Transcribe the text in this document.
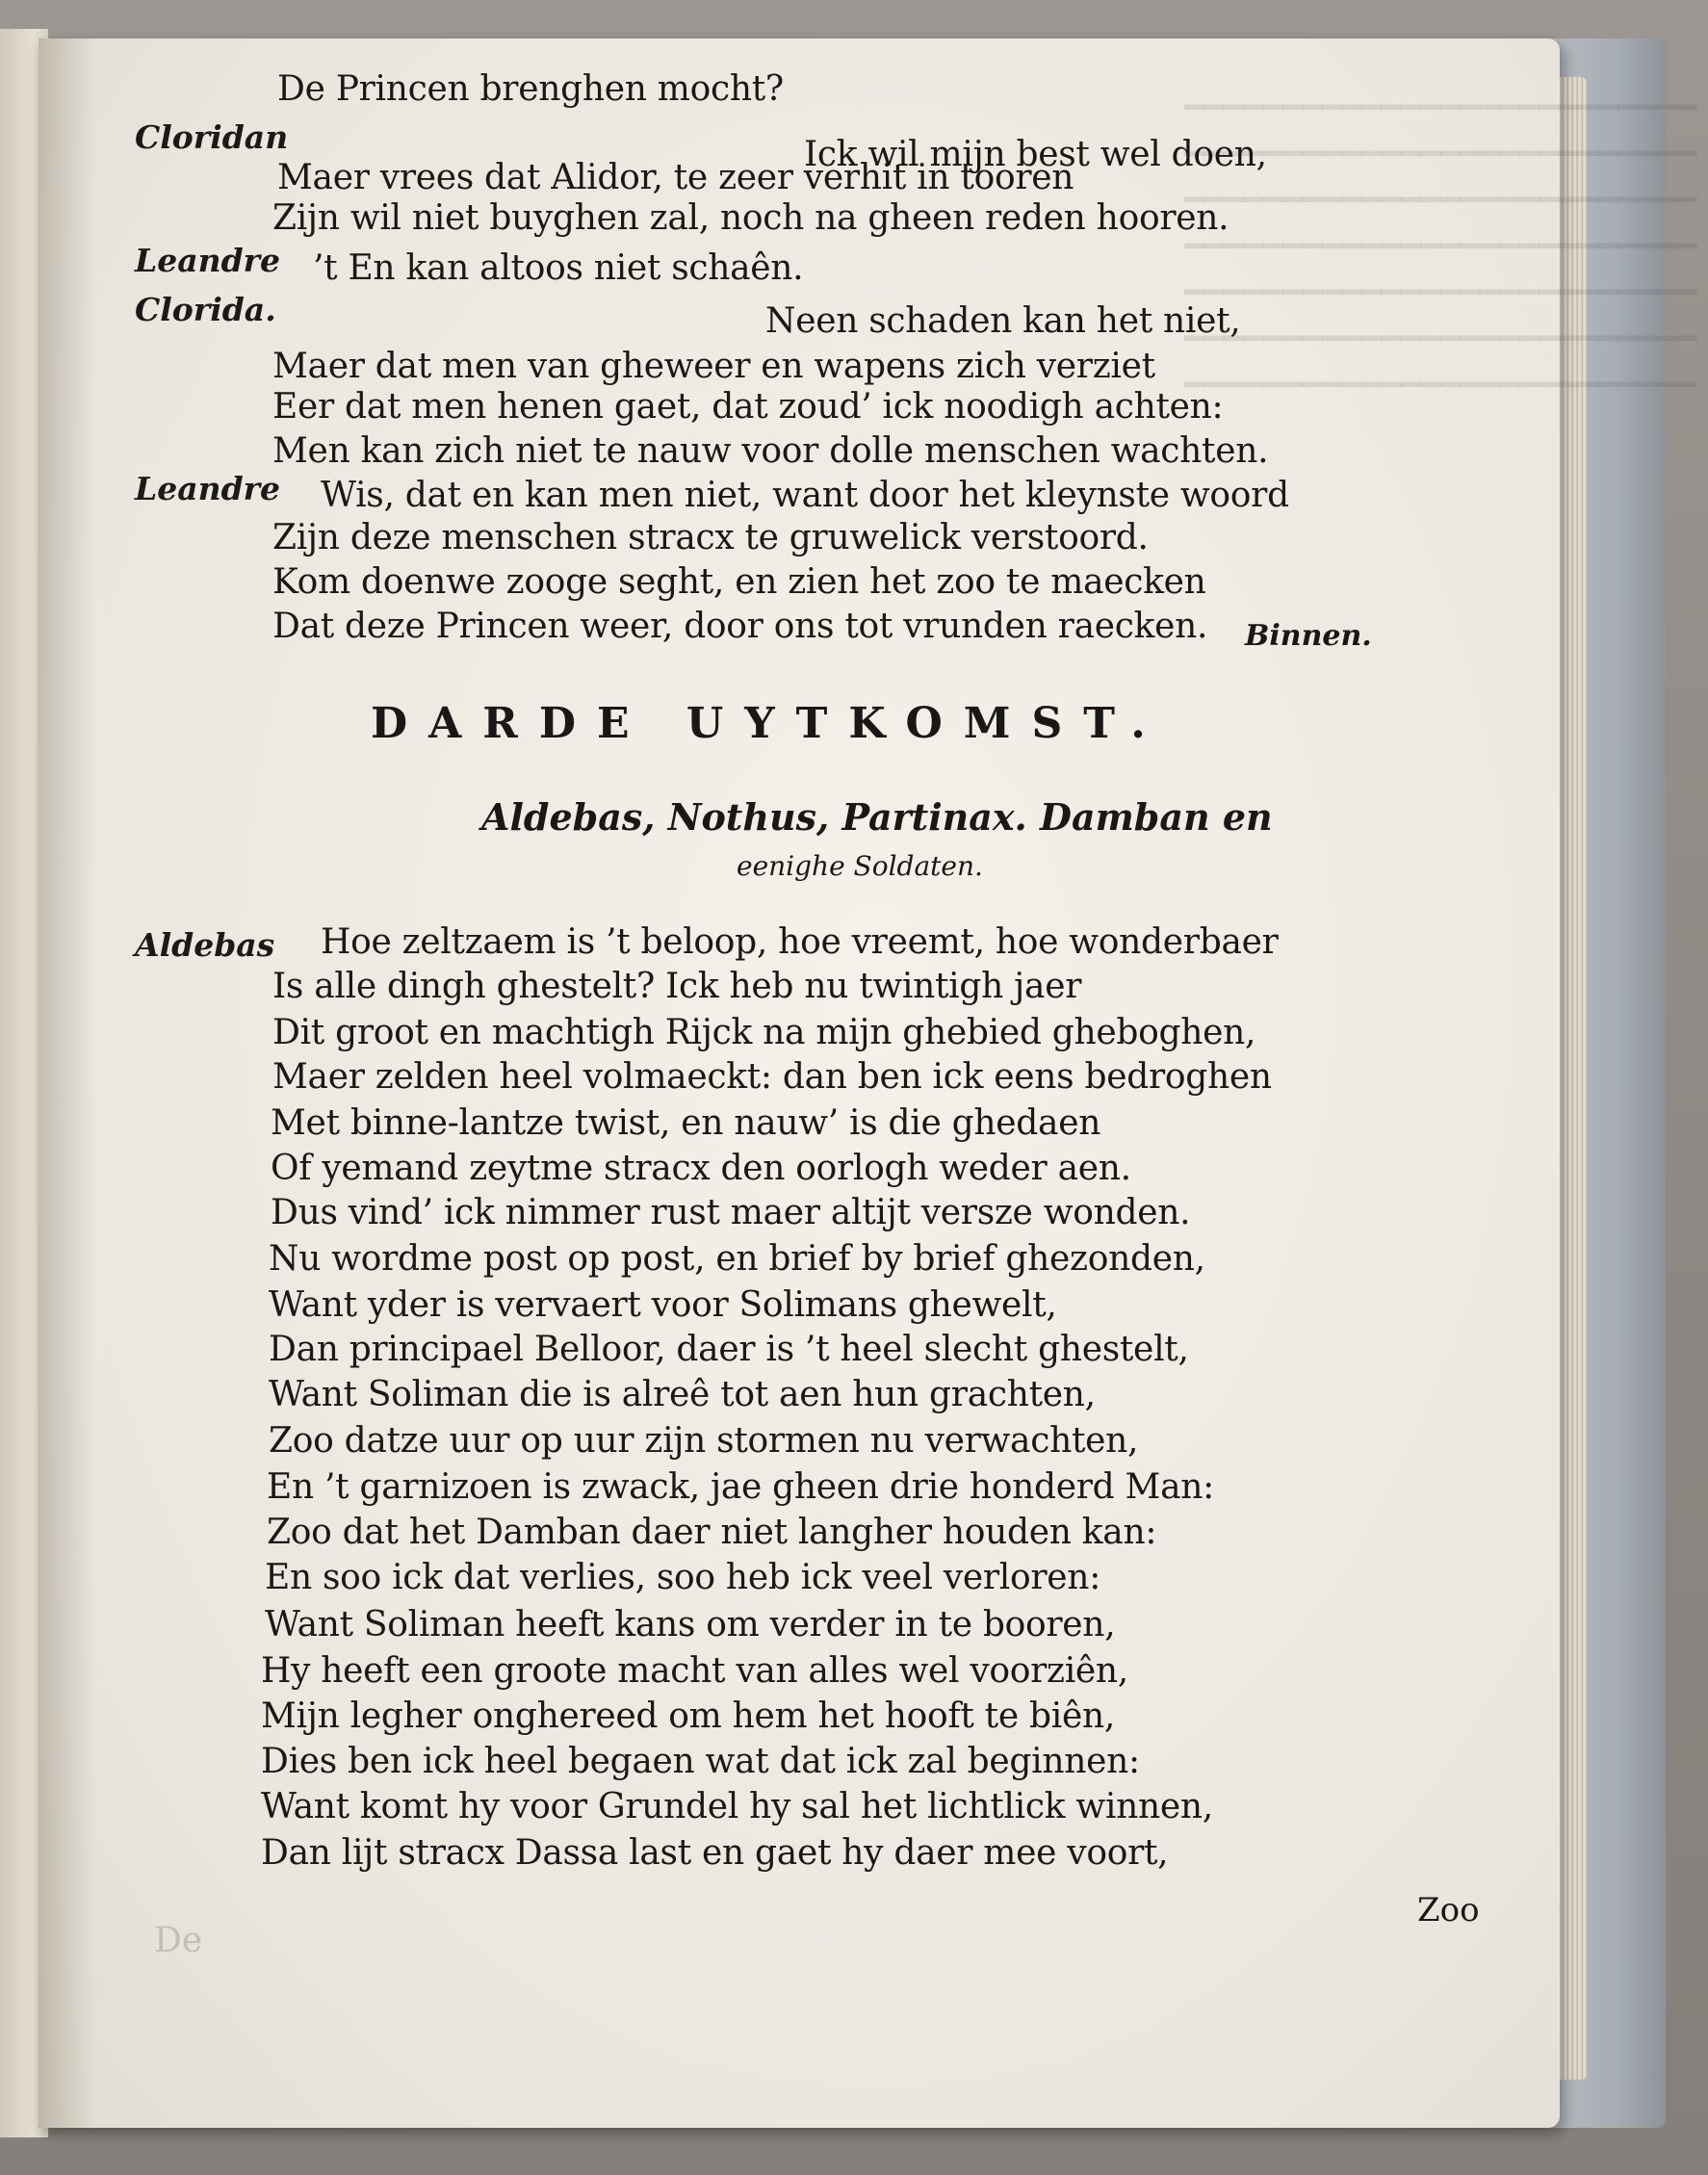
━━━━━━━━━━━━━━━━━━━━━━━━━━
━━━━━━━━━━━━━━━━━━━━━━━━━━
━━━━━━━━━━━━━━━━━━━━━━━━━━
━━━━━━━━━━━━━━━━━━━━━━━━━━
━━━━━━━━━━━━━━━━━━━━━━━━━━
━━━━━━━━━━━━━━━━━━━━━━━━━━
━━━━━━━━━━━━━━━━━━━━━━━━━━
Cloridan
Leandre
Clorida.
Leandre
Aldebas
De Princen brenghen mocht?
Ick wil mijn best wel doen,
Maer vrees dat Alidor, te zeer verhit in tooren
Zijn wil niet buyghen zal, noch na gheen reden hooren.
’t En kan altoos niet schaên.
Neen schaden kan het niet,
Maer dat men van gheweer en wapens zich verziet
Eer dat men henen gaet, dat zoud’ ick noodigh achten:
Men kan zich niet te nauw voor dolle menschen wachten.
Wis, dat en kan men niet, want door het kleynste woord
Zijn deze menschen stracx te gruwelick verstoord.
Kom doenwe zooge seght, en zien het zoo te maecken
Dat deze Princen weer, door ons tot vrunden raecken. Binnen.
DARDE UYTKOMST.
Aldebas, Nothus, Partinax. Damban en
eenighe Soldaten.
Hoe zeltzaem is ’t beloop, hoe vreemt, hoe wonderbaer
Is alle dingh ghestelt? Ick heb nu twintigh jaer
Dit groot en machtigh Rijck na mijn ghebied gheboghen,
Maer zelden heel volmaeckt: dan ben ick eens bedroghen
Met binne-lantze twist, en nauw’ is die ghedaen
Of yemand zeytme stracx den oorlogh weder aen.
Dus vind’ ick nimmer rust maer altijt versze wonden.
Nu wordme post op post, en brief by brief ghezonden,
Want yder is vervaert voor Solimans ghewelt,
Dan principael Belloor, daer is ’t heel slecht ghestelt,
Want Soliman die is alreê tot aen hun grachten,
Zoo datze uur op uur zijn stormen nu verwachten,
En ’t garnizoen is zwack, jae gheen drie honderd Man:
Zoo dat het Damban daer niet langher houden kan:
En soo ick dat verlies, soo heb ick veel verloren:
Want Soliman heeft kans om verder in te booren,
Hy heeft een groote macht van alles wel voorziên,
Mijn legher onghereed om hem het hooft te biên,
Dies ben ick heel begaen wat dat ick zal beginnen:
Want komt hy voor Grundel hy sal het lichtlick winnen,
Dan lijt stracx Dassa last en gaet hy daer mee voort,
Zoo
De
